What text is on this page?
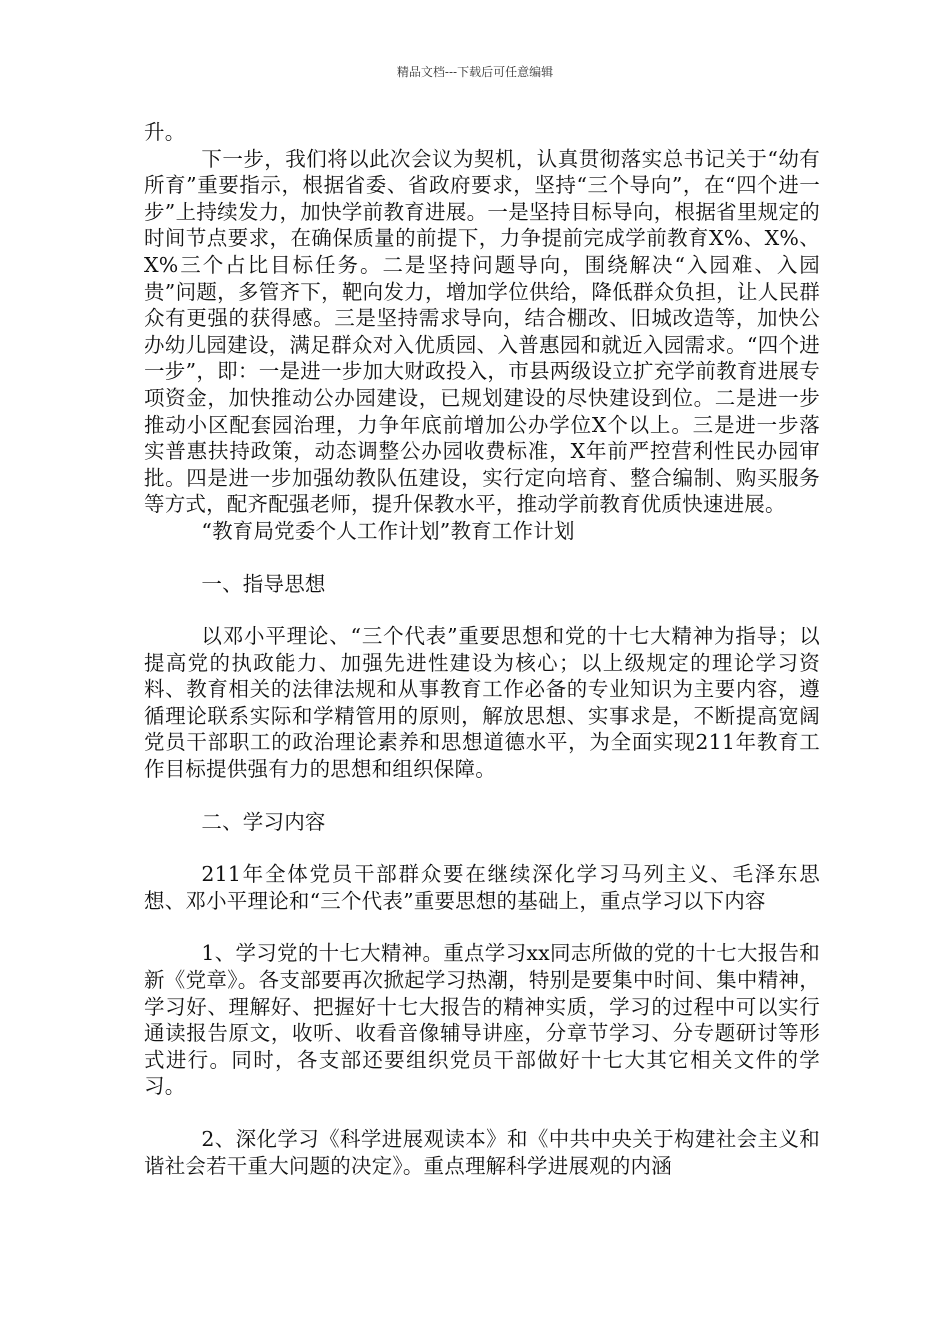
精品文档---下载后可任意编辑

升。

下一步，我们将以此次会议为契机，认真贯彻落实总书记关于“幼有所育”重要指示，根据省委、省政府要求，坚持“三个导向”，在“四个进一步”上持续发力，加快学前教育进展。一是坚持目标导向，根据省里规定的时间节点要求，在确保质量的前提下，力争提前完成学前教育X%、X%、X%三个占比目标任务。二是坚持问题导向，围绕解决“入园难、入园贵”问题，多管齐下，靶向发力，增加学位供给，降低群众负担，让人民群众有更强的获得感。三是坚持需求导向，结合棚改、旧城改造等，加快公办幼儿园建设，满足群众对入优质园、入普惠园和就近入园需求。“四个进一步”，即：一是进一步加大财政投入，市县两级设立扩充学前教育进展专项资金，加快推动公办园建设，已规划建设的尽快建设到位。二是进一步推动小区配套园治理，力争年底前增加公办学位X个以上。三是进一步落实普惠扶持政策，动态调整公办园收费标准，X年前严控营利性民办园审批。四是进一步加强幼教队伍建设，实行定向培育、整合编制、购买服务等方式，配齐配强老师，提升保教水平，推动学前教育优质快速进展。

“教育局党委个人工作计划”教育工作计划

一、指导思想

以邓小平理论、“三个代表”重要思想和党的十七大精神为指导；以提高党的执政能力、加强先进性建设为核心；以上级规定的理论学习资料、教育相关的法律法规和从事教育工作必备的专业知识为主要内容，遵循理论联系实际和学精管用的原则，解放思想、实事求是，不断提高宽阔党员干部职工的政治理论素养和思想道德水平，为全面实现211年教育工作目标提供强有力的思想和组织保障。

二、学习内容

211年全体党员干部群众要在继续深化学习马列主义、毛泽东思想、邓小平理论和“三个代表”重要思想的基础上，重点学习以下内容

1、学习党的十七大精神。重点学习xx同志所做的党的十七大报告和新《党章》。各支部要再次掀起学习热潮，特别是要集中时间、集中精神，学习好、理解好、把握好十七大报告的精神实质，学习的过程中可以实行通读报告原文，收听、收看音像辅导讲座，分章节学习、分专题研讨等形式进行。同时，各支部还要组织党员干部做好十七大其它相关文件的学习。

2、深化学习《科学进展观读本》和《中共中央关于构建社会主义和谐社会若干重大问题的决定》。重点理解科学进展观的内涵
